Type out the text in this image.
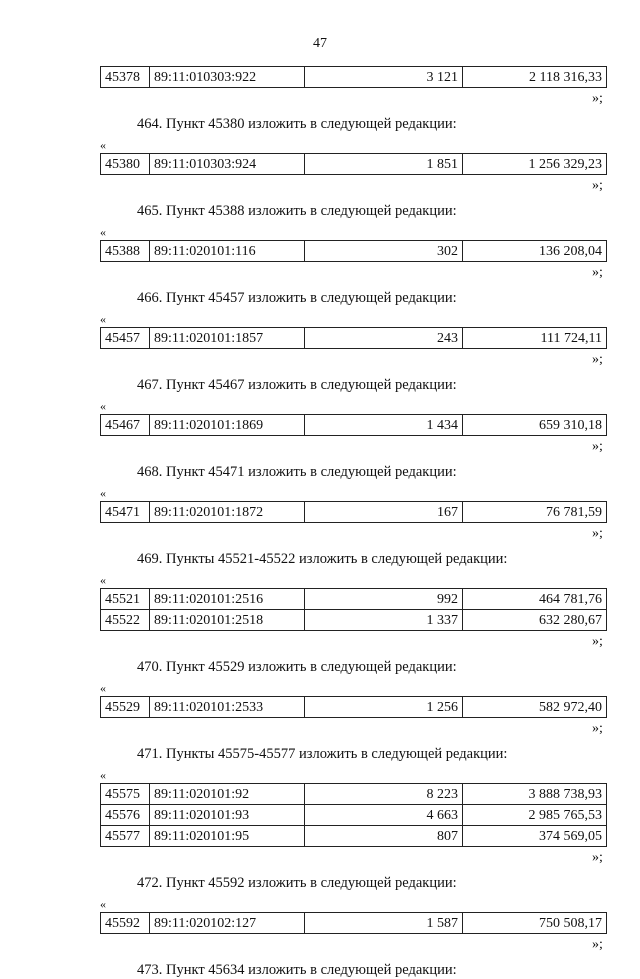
47
45378	89:11:010303:922	3 121	2 118 316,33
»;
464. Пункт 45380 изложить в следующей редакции:
«
45380	89:11:010303:924	1 851	1 256 329,23
»;
465. Пункт 45388 изложить в следующей редакции:
«
45388	89:11:020101:116	302	136 208,04
»;
466. Пункт 45457 изложить в следующей редакции:
«
45457	89:11:020101:1857	243	111 724,11
»;
467. Пункт 45467 изложить в следующей редакции:
«
45467	89:11:020101:1869	1 434	659 310,18
»;
468. Пункт 45471 изложить в следующей редакции:
«
45471	89:11:020101:1872	167	76 781,59
»;
469. Пункты 45521-45522 изложить в следующей редакции:
«
45521	89:11:020101:2516	992	464 781,76
45522	89:11:020101:2518	1 337	632 280,67
»;
470. Пункт 45529 изложить в следующей редакции:
«
45529	89:11:020101:2533	1 256	582 972,40
»;
471. Пункты 45575-45577 изложить в следующей редакции:
«
45575	89:11:020101:92	8 223	3 888 738,93
45576	89:11:020101:93	4 663	2 985 765,53
45577	89:11:020101:95	807	374 569,05
»;
472. Пункт 45592 изложить в следующей редакции:
«
45592	89:11:020102:127	1 587	750 508,17
»;
473. Пункт 45634 изложить в следующей редакции:
